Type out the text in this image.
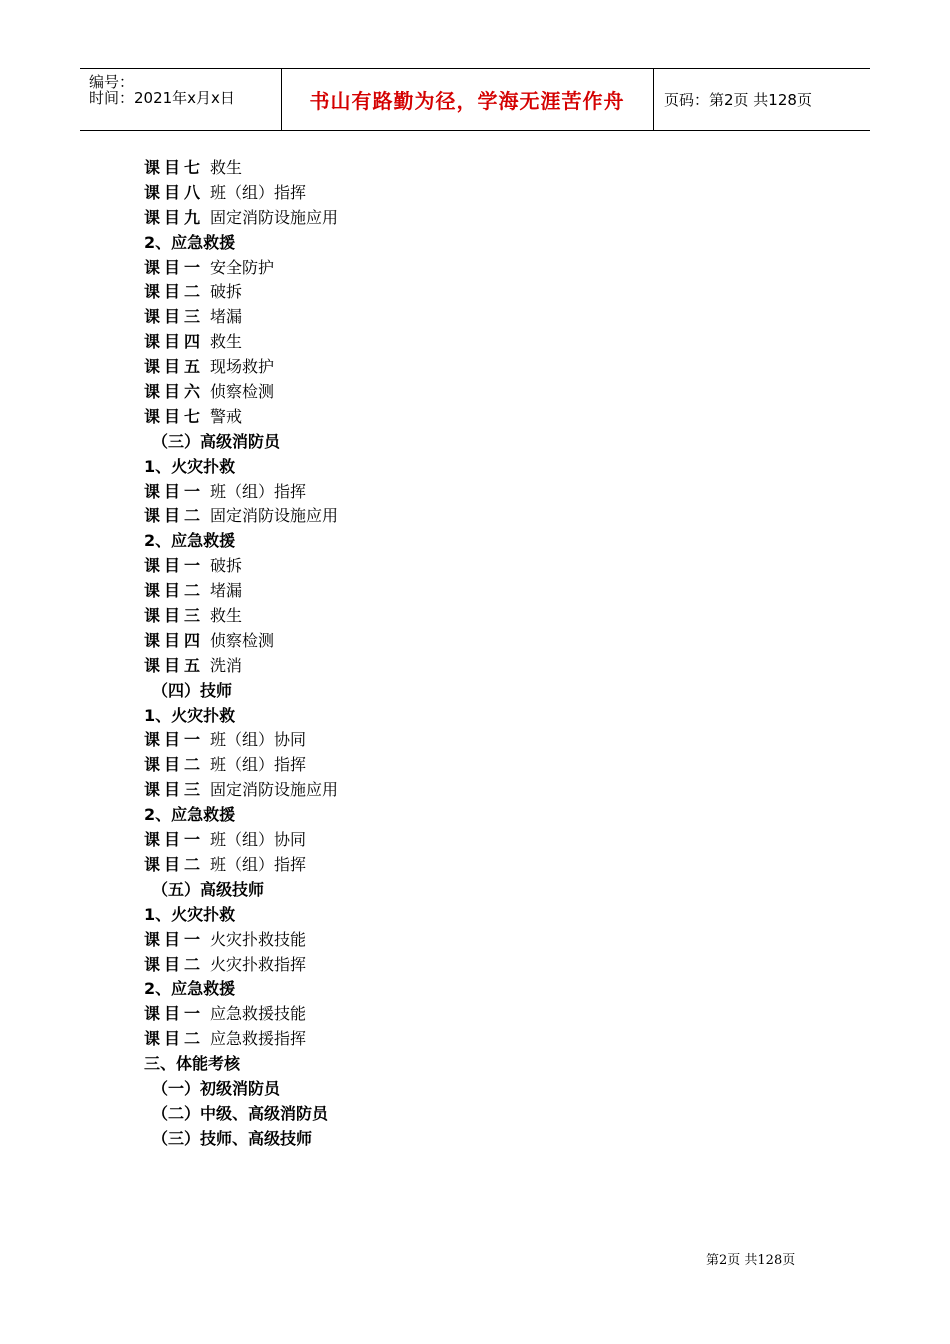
编号：
时间：2021年x月x日	书山有路勤为径，学海无涯苦作舟	页码：第2页 共128页
课目七 救生
课目八 班（组）指挥
课目九 固定消防设施应用
2、应急救援
课目一 安全防护
课目二 破拆
课目三 堵漏
课目四 救生
课目五 现场救护
课目六 侦察检测
课目七 警戒
（三）高级消防员
1、火灾扑救
课目一 班（组）指挥
课目二 固定消防设施应用
2、应急救援
课目一 破拆
课目二 堵漏
课目三 救生
课目四 侦察检测
课目五 洗消
（四）技师
1、火灾扑救
课目一 班（组）协同
课目二 班（组）指挥
课目三 固定消防设施应用
2、应急救援
课目一 班（组）协同
课目二 班（组）指挥
（五）高级技师
1、火灾扑救
课目一 火灾扑救技能
课目二 火灾扑救指挥
2、应急救援
课目一 应急救援技能
课目二 应急救援指挥
三、体能考核
（一）初级消防员
（二）中级、高级消防员
（三）技师、高级技师
第2页 共128页
